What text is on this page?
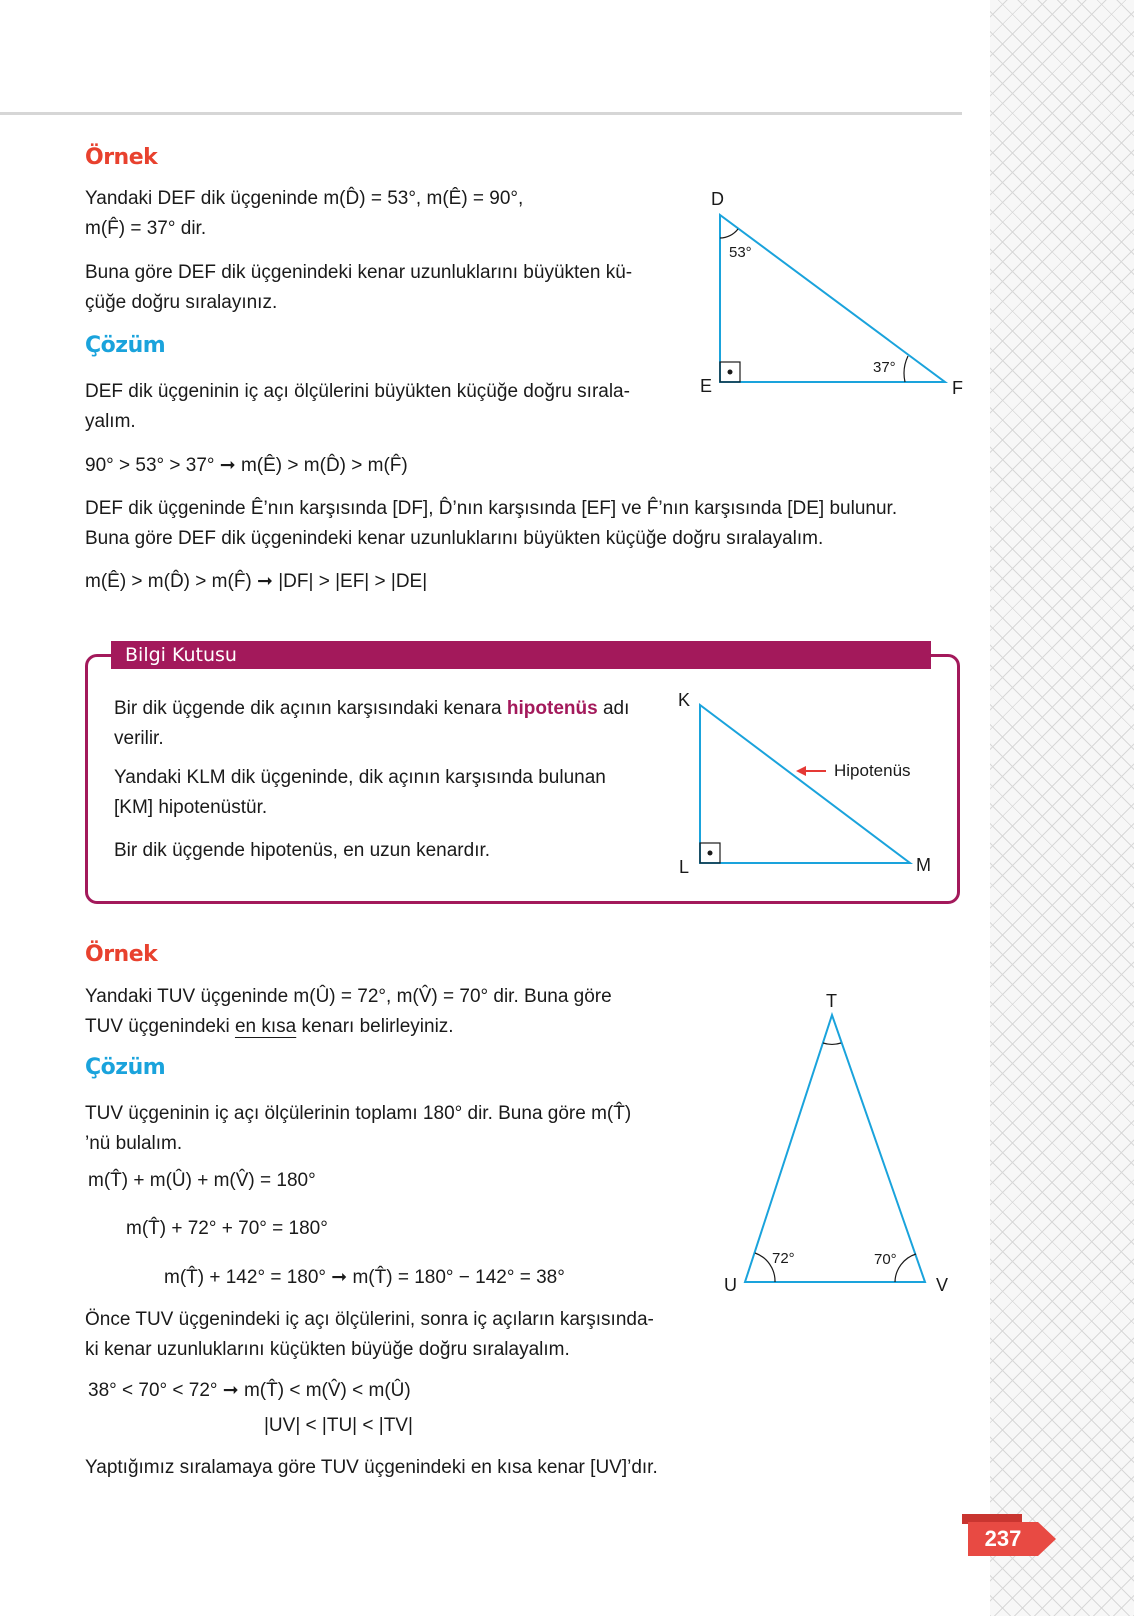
Örnek
Yandaki DEF dik üçgeninde m(D̂) = 53°, m(Ê) = 90°,
m(F̂) = 37° dir.
Buna göre DEF dik üçgenindeki kenar uzunluklarını büyükten kü-
çüğe doğru sıralayınız.
Çözüm
DEF dik üçgeninin iç açı ölçülerini büyükten küçüğe doğru sırala-
yalım.
90° > 53° > 37° ➞ m(Ê) > m(D̂) > m(F̂)
DEF dik üçgeninde Ê’nın karşısında [DF], D̂’nın karşısında [EF] ve F̂’nın karşısında [DE] bulunur.
Buna göre DEF dik üçgenindeki kenar uzunluklarını büyükten küçüğe doğru sıralayalım.
m(Ê) > m(D̂) > m(F̂) ➞ |DF| > |EF| > |DE|
D
E	F
53°
37°
Bilgi Kutusu
Bir dik üçgende dik açının karşısındaki kenara hipotenüs adı
verilir.
Yandaki KLM dik üçgeninde, dik açının karşısında bulunan
[KM] hipotenüstür.
Bir dik üçgende hipotenüs, en uzun kenardır.
K
L	M
Hipotenüs
Örnek
Yandaki TUV üçgeninde m(Û) = 72°, m(V̂) = 70° dir. Buna göre
TUV üçgenindeki en kısa kenarı belirleyiniz.
Çözüm
TUV üçgeninin iç açı ölçülerinin toplamı 180° dir. Buna göre m(T̂)
’nü bulalım.
m(T̂) + m(Û) + m(V̂) = 180°
m(T̂) + 72° + 70° = 180°
m(T̂) + 142° = 180° ➞ m(T̂) = 180° − 142° = 38°
Önce TUV üçgenindeki iç açı ölçülerini, sonra iç açıların karşısında-
ki kenar uzunluklarını küçükten büyüğe doğru sıralayalım.
38° < 70° < 72° ➞ m(T̂) < m(V̂) < m(Û)
|UV| < |TU| < |TV|
Yaptığımız sıralamaya göre TUV üçgenindeki en kısa kenar [UV]’dır.
T
U	V
72°	70°
237
